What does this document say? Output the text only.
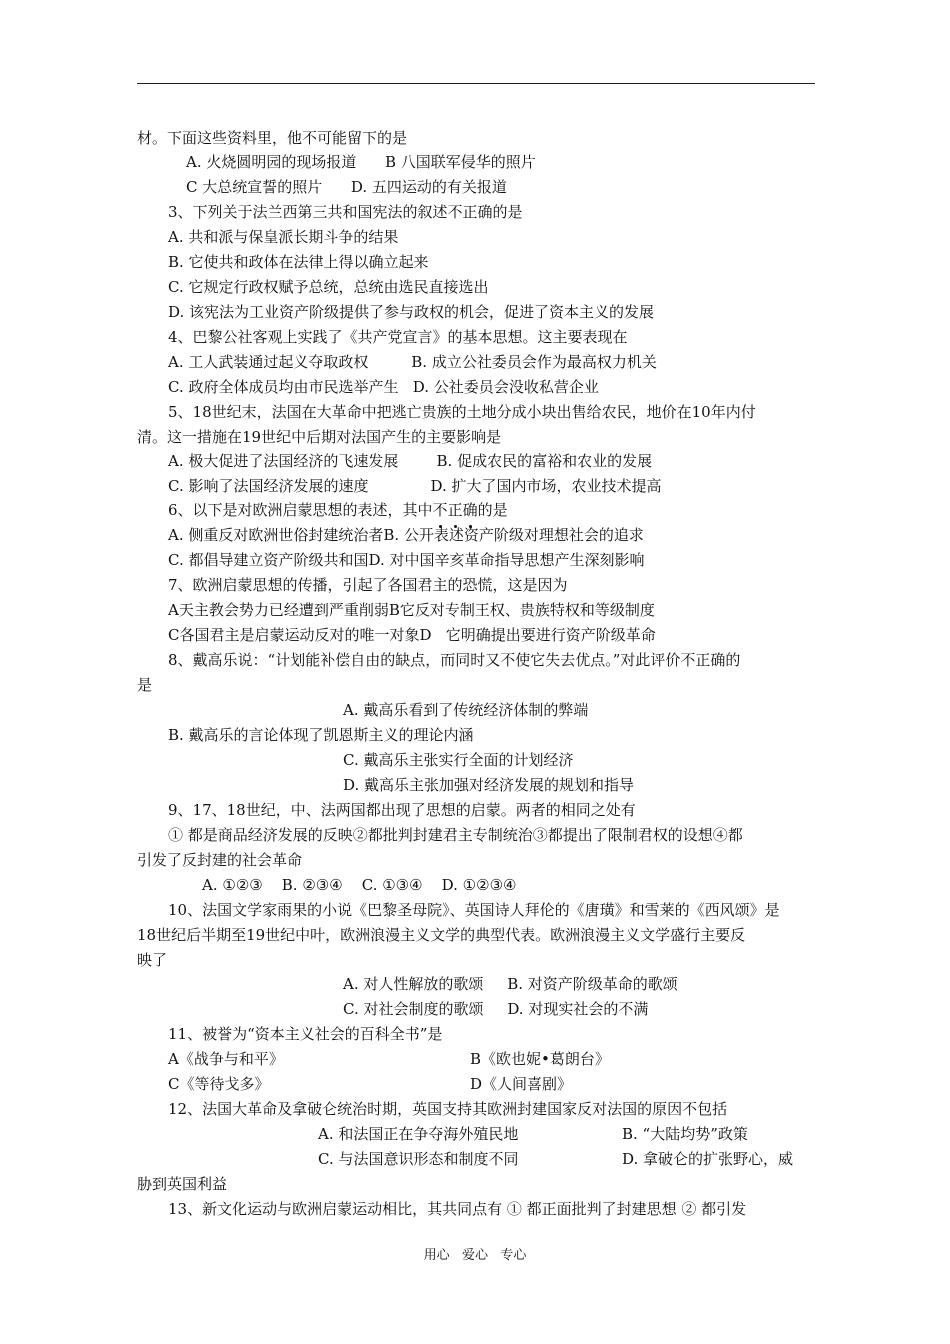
材。下面这些资料里，他不可能留下的是
A. 火烧圆明园的现场报道      B 八国联军侵华的照片
C 大总统宣誓的照片      D. 五四运动的有关报道
3、下列关于法兰西第三共和国宪法的叙述不正确的是
A. 共和派与保皇派长期斗争的结果
B. 它使共和政体在法律上得以确立起来
C. 它规定行政权赋予总统，总统由选民直接选出
D. 该宪法为工业资产阶级提供了参与政权的机会，促进了资本主义的发展
4、巴黎公社客观上实践了《共产党宣言》的基本思想。这主要表现在
A. 工人武装通过起义夺取政权         B. 成立公社委员会作为最高权力机关
C. 政府全体成员均由市民选举产生   D. 公社委员会没收私营企业
5、18世纪末，法国在大革命中把逃亡贵族的土地分成小块出售给农民，地价在10年内付
清。这一措施在19世纪中后期对法国产生的主要影响是
A. 极大促进了法国经济的飞速发展        B. 促成农民的富裕和农业的发展
C. 影响了法国经济发展的速度             D. 扩大了国内市场，农业技术提高
6、以下是对欧洲启蒙思想的表述，其中不
正
确
的是
A. 侧重反对欧洲世俗封建统治者B. 公开表述资产阶级对理想社会的追求
C. 都倡导建立资产阶级共和国D. 对中国辛亥革命指导思想产生深刻影响
7、欧洲启蒙思想的传播，引起了各国君主的恐慌，这是因为
A天主教会势力已经遭到严重削弱B它反对专制王权、贵族特权和等级制度
C各国君主是启蒙运动反对的唯一对象D   它明确提出要进行资产阶级革命
8、戴高乐说：“计划能补偿自由的缺点，而同时又不使它失去优点。”对此评价不正确的
是
A. 戴高乐看到了传统经济体制的弊端
B. 戴高乐的言论体现了凯恩斯主义的理论内涵
C. 戴高乐主张实行全面的计划经济
D. 戴高乐主张加强对经济发展的规划和指导
9、17、18世纪，中、法两国都出现了思想的启蒙。两者的相同之处有
① 都是商品经济发展的反映②都批判封建君主专制统治③都提出了限制君权的设想④都
引发了反封建的社会革命
A. ①②③    B. ②③④    C. ①③④    D. ①②③④
10、法国文学家雨果的小说《巴黎圣母院》、英国诗人拜伦的《唐璜》和雪莱的《西风颂》是
18世纪后半期至19世纪中叶，欧洲浪漫主义文学的典型代表。欧洲浪漫主义文学盛行主要反
映了
A. 对人性解放的歌颂     B. 对资产阶级革命的歌颂
C. 对社会制度的歌颂     D. 对现实社会的不满
11、被誉为“资本主义社会的百科全书”是
A《战争与和平》	B《欧也妮•葛朗台》
C《等待戈多》	D《人间喜剧》
12、法国大革命及拿破仑统治时期，英国支持其欧洲封建国家反对法国的原因不包括
A. 和法国正在争夺海外殖民地	B. “大陆均势”政策
C. 与法国意识形态和制度不同	D. 拿破仑的扩张野心，威
胁到英国利益
13、新文化运动与欧洲启蒙运动相比，其共同点有 ① 都正面批判了封建思想 ② 都引发
用心   爱心   专心
